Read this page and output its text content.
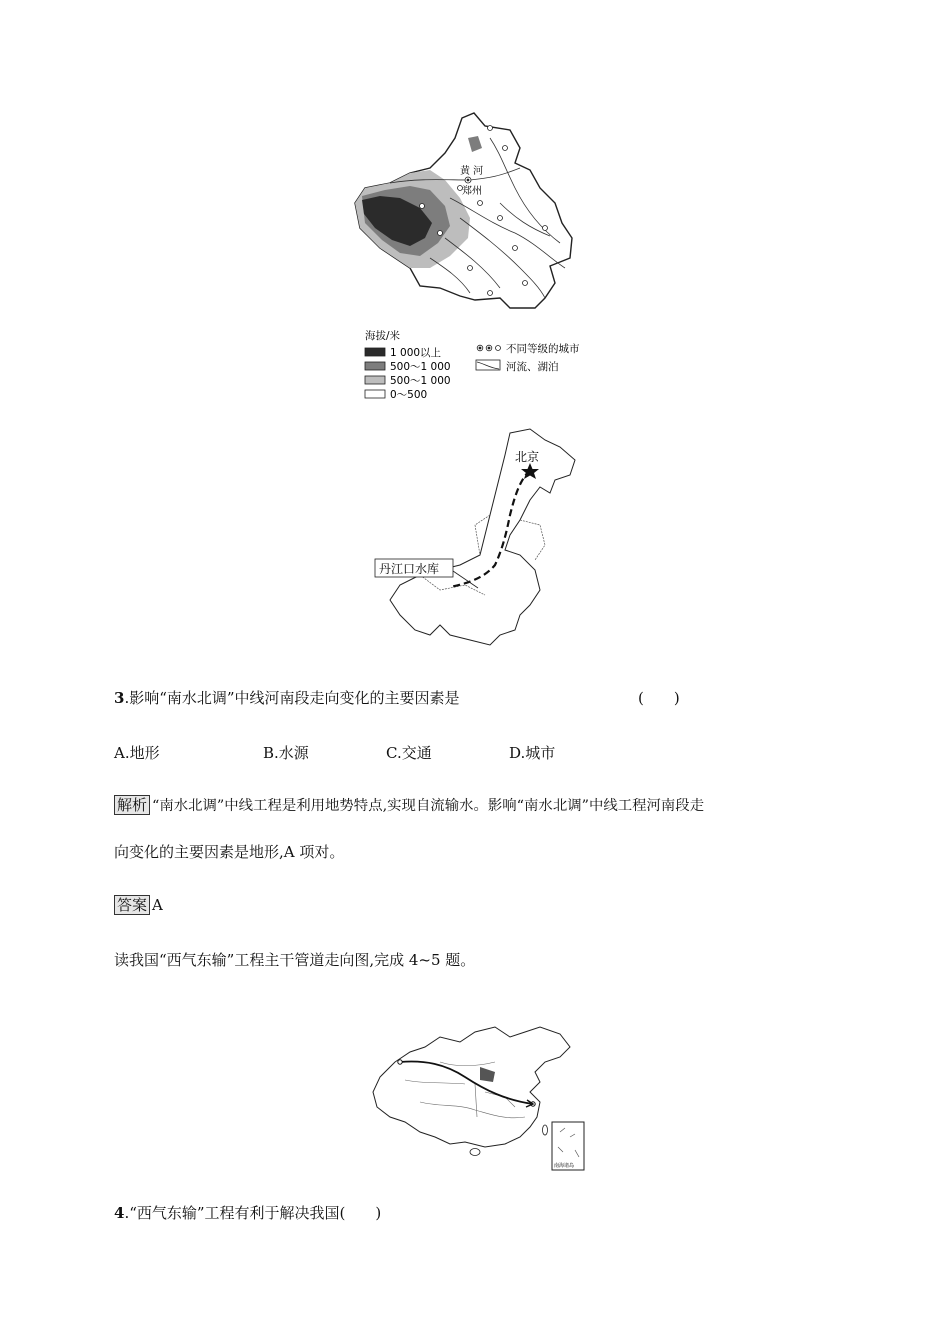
黄 河
郑州
海拔/米
1 000以上
500～1 000
500～1 000
0～500
不同等级的城市
河流、湖泊
北京
丹江口水库
3.影响“南水北调”中线河南段走向变化的主要因素是	(　　)
A.地形	B.水源	C.交通	D.城市
解析 “南水北调”中线工程是利用地势特点,实现自流输水。影响“南水北调”中线工程河南段走
向变化的主要因素是地形,A 项对。
答案 A
读我国“西气东输”工程主干管道走向图,完成 4~5 题。
南海诸岛
4.“西气东输”工程有利于解决我国(　　)
